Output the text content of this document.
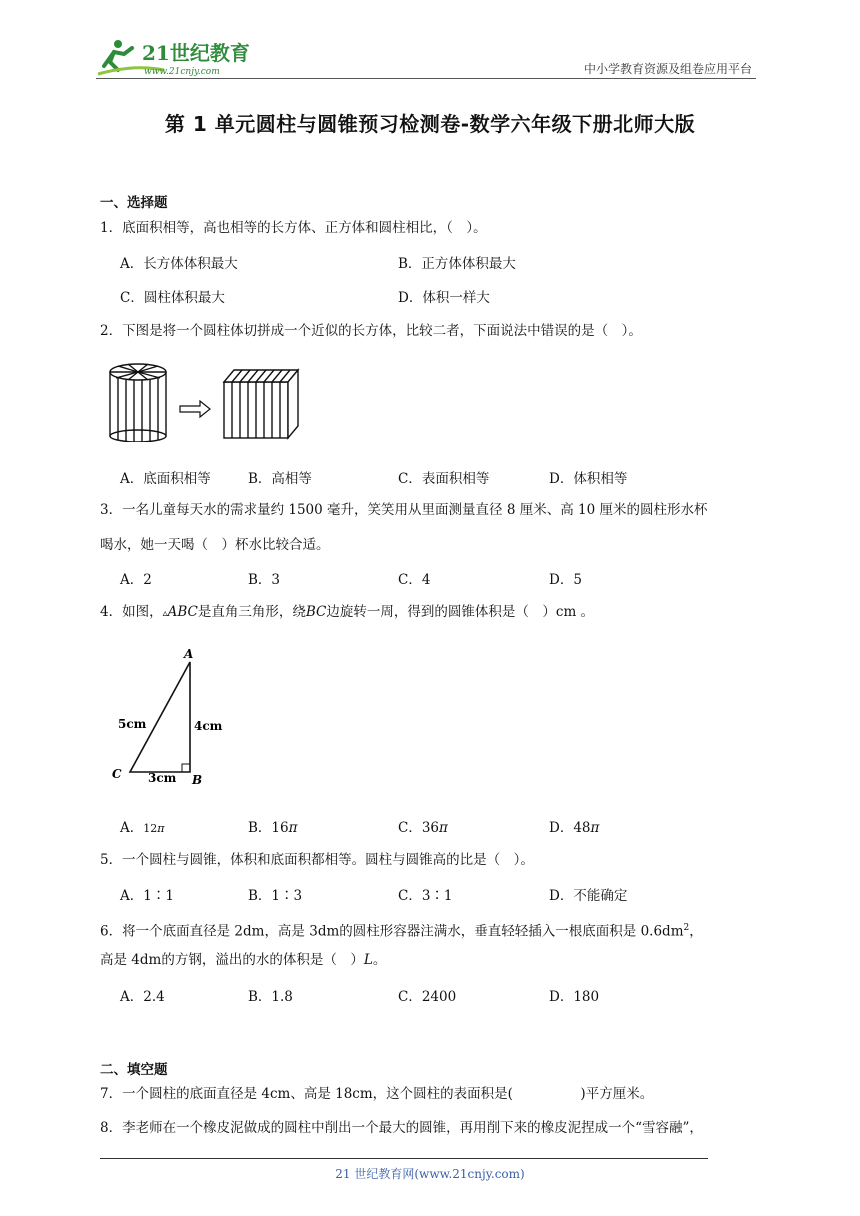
21世纪教育
www.21cnjy.com	中小学教育资源及组卷应用平台
第 1 单元圆柱与圆锥预习检测卷-数学六年级下册北师大版
一、选择题
1．底面积相等，高也相等的长方体、正方体和圆柱相比，（　）。
A．长方体体积最大	B．正方体体积最大
C．圆柱体积最大	D．体积一样大
2．下图是将一个圆柱体切拼成一个近似的长方体，比较二者，下面说法中错误的是（　）。
A．底面积相等	B．高相等	C．表面积相等	D．体积相等
3．一名儿童每天水的需求量约 1500 毫升，笑笑用从里面测量直径 8 厘米、高 10 厘米的圆柱形水杯
喝水，她一天喝（　）杯水比较合适。
A．2	B．3	C．4	D．5
4．如图，▵ABC是直角三角形，绕BC边旋转一周，得到的圆锥体积是（　）cm 。
A
B
C
5cm	4cm
3cm
A．12π	B．16π	C．36π	D．48π
5．一个圆柱与圆锥，体积和底面积都相等。圆柱与圆锥高的比是（　）。
A．1∶1	B．1∶3	C．3∶1	D．不能确定
6．将一个底面直径是 2dm，高是 3dm的圆柱形容器注满水，垂直轻轻插入一根底面积是 $0.6dm^2$，
高是 4dm的方钢，溢出的水的体积是（　）L。
A．2.4	B．1.8	C．2400	D．180
二、填空题
7．一个圆柱的底面直径是 4cm、高是 18cm，这个圆柱的表面积是(　　　　　)平方厘米。
8．李老师在一个橡皮泥做成的圆柱中削出一个最大的圆锥，再用削下来的橡皮泥捏成一个“雪容融”，
21 世纪教育网(www.21cnjy.com)
